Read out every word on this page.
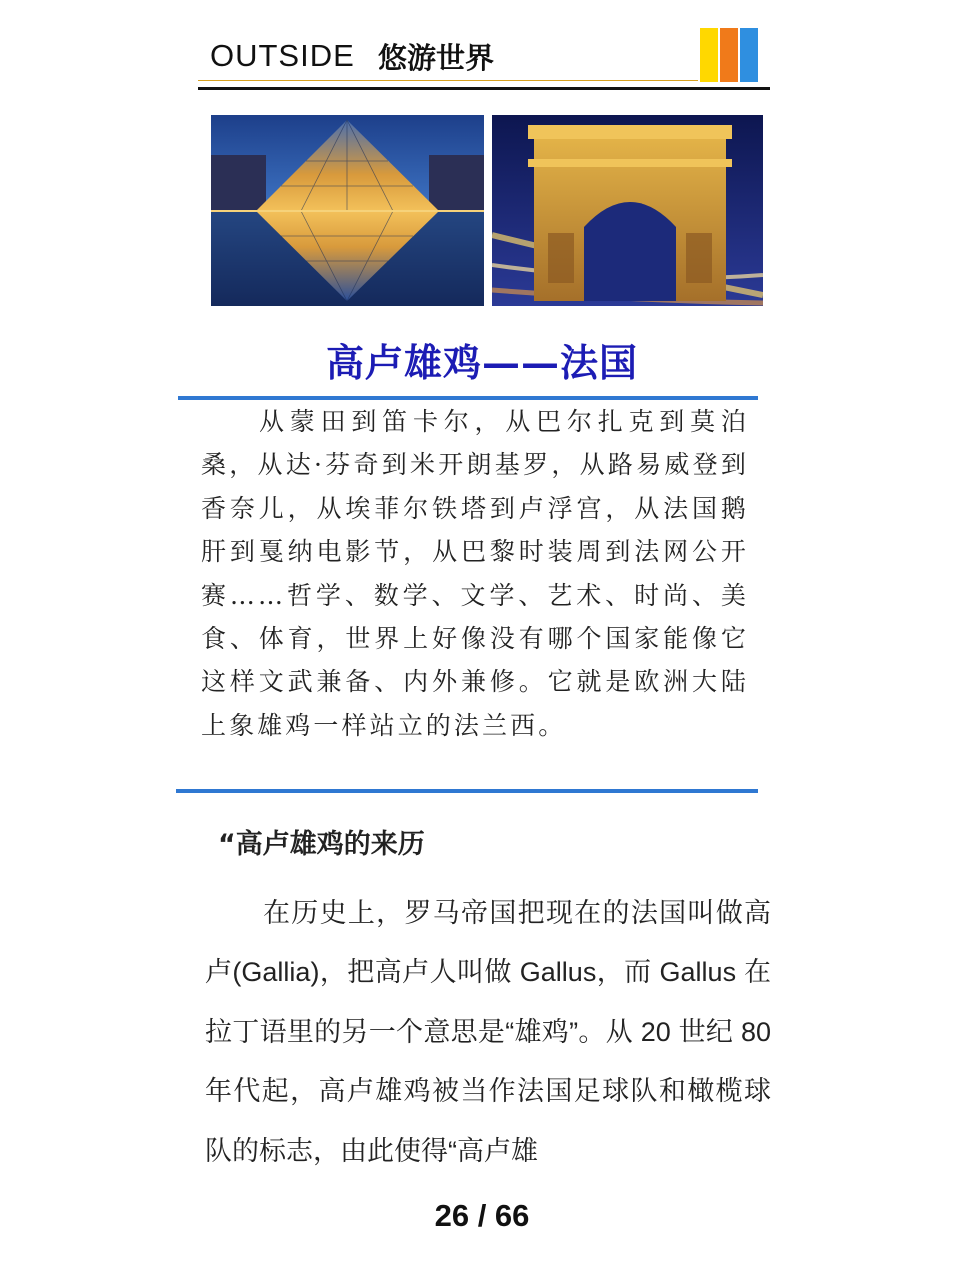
OUTSIDE 悠游世界
高卢雄鸡——法国
从蒙田到笛卡尔，从巴尔扎克到莫泊桑，从达·芬奇到米开朗基罗，从路易威登到香奈儿，从埃菲尔铁塔到卢浮宫，从法国鹅肝到戛纳电影节，从巴黎时装周到法网公开赛……哲学、数学、文学、艺术、时尚、美食、体育，世界上好像没有哪个国家能像它这样文武兼备、内外兼修。它就是欧洲大陆上象雄鸡一样站立的法兰西。
“高卢雄鸡的来历
在历史上，罗马帝国把现在的法国叫做高卢(Gallia)，把高卢人叫做 Gallus，而 Gallus 在拉丁语里的另一个意思是“雄鸡”。从 20 世纪 80 年代起，高卢雄鸡被当作法国足球队和橄榄球队的标志，由此使得“高卢雄
26 / 66
